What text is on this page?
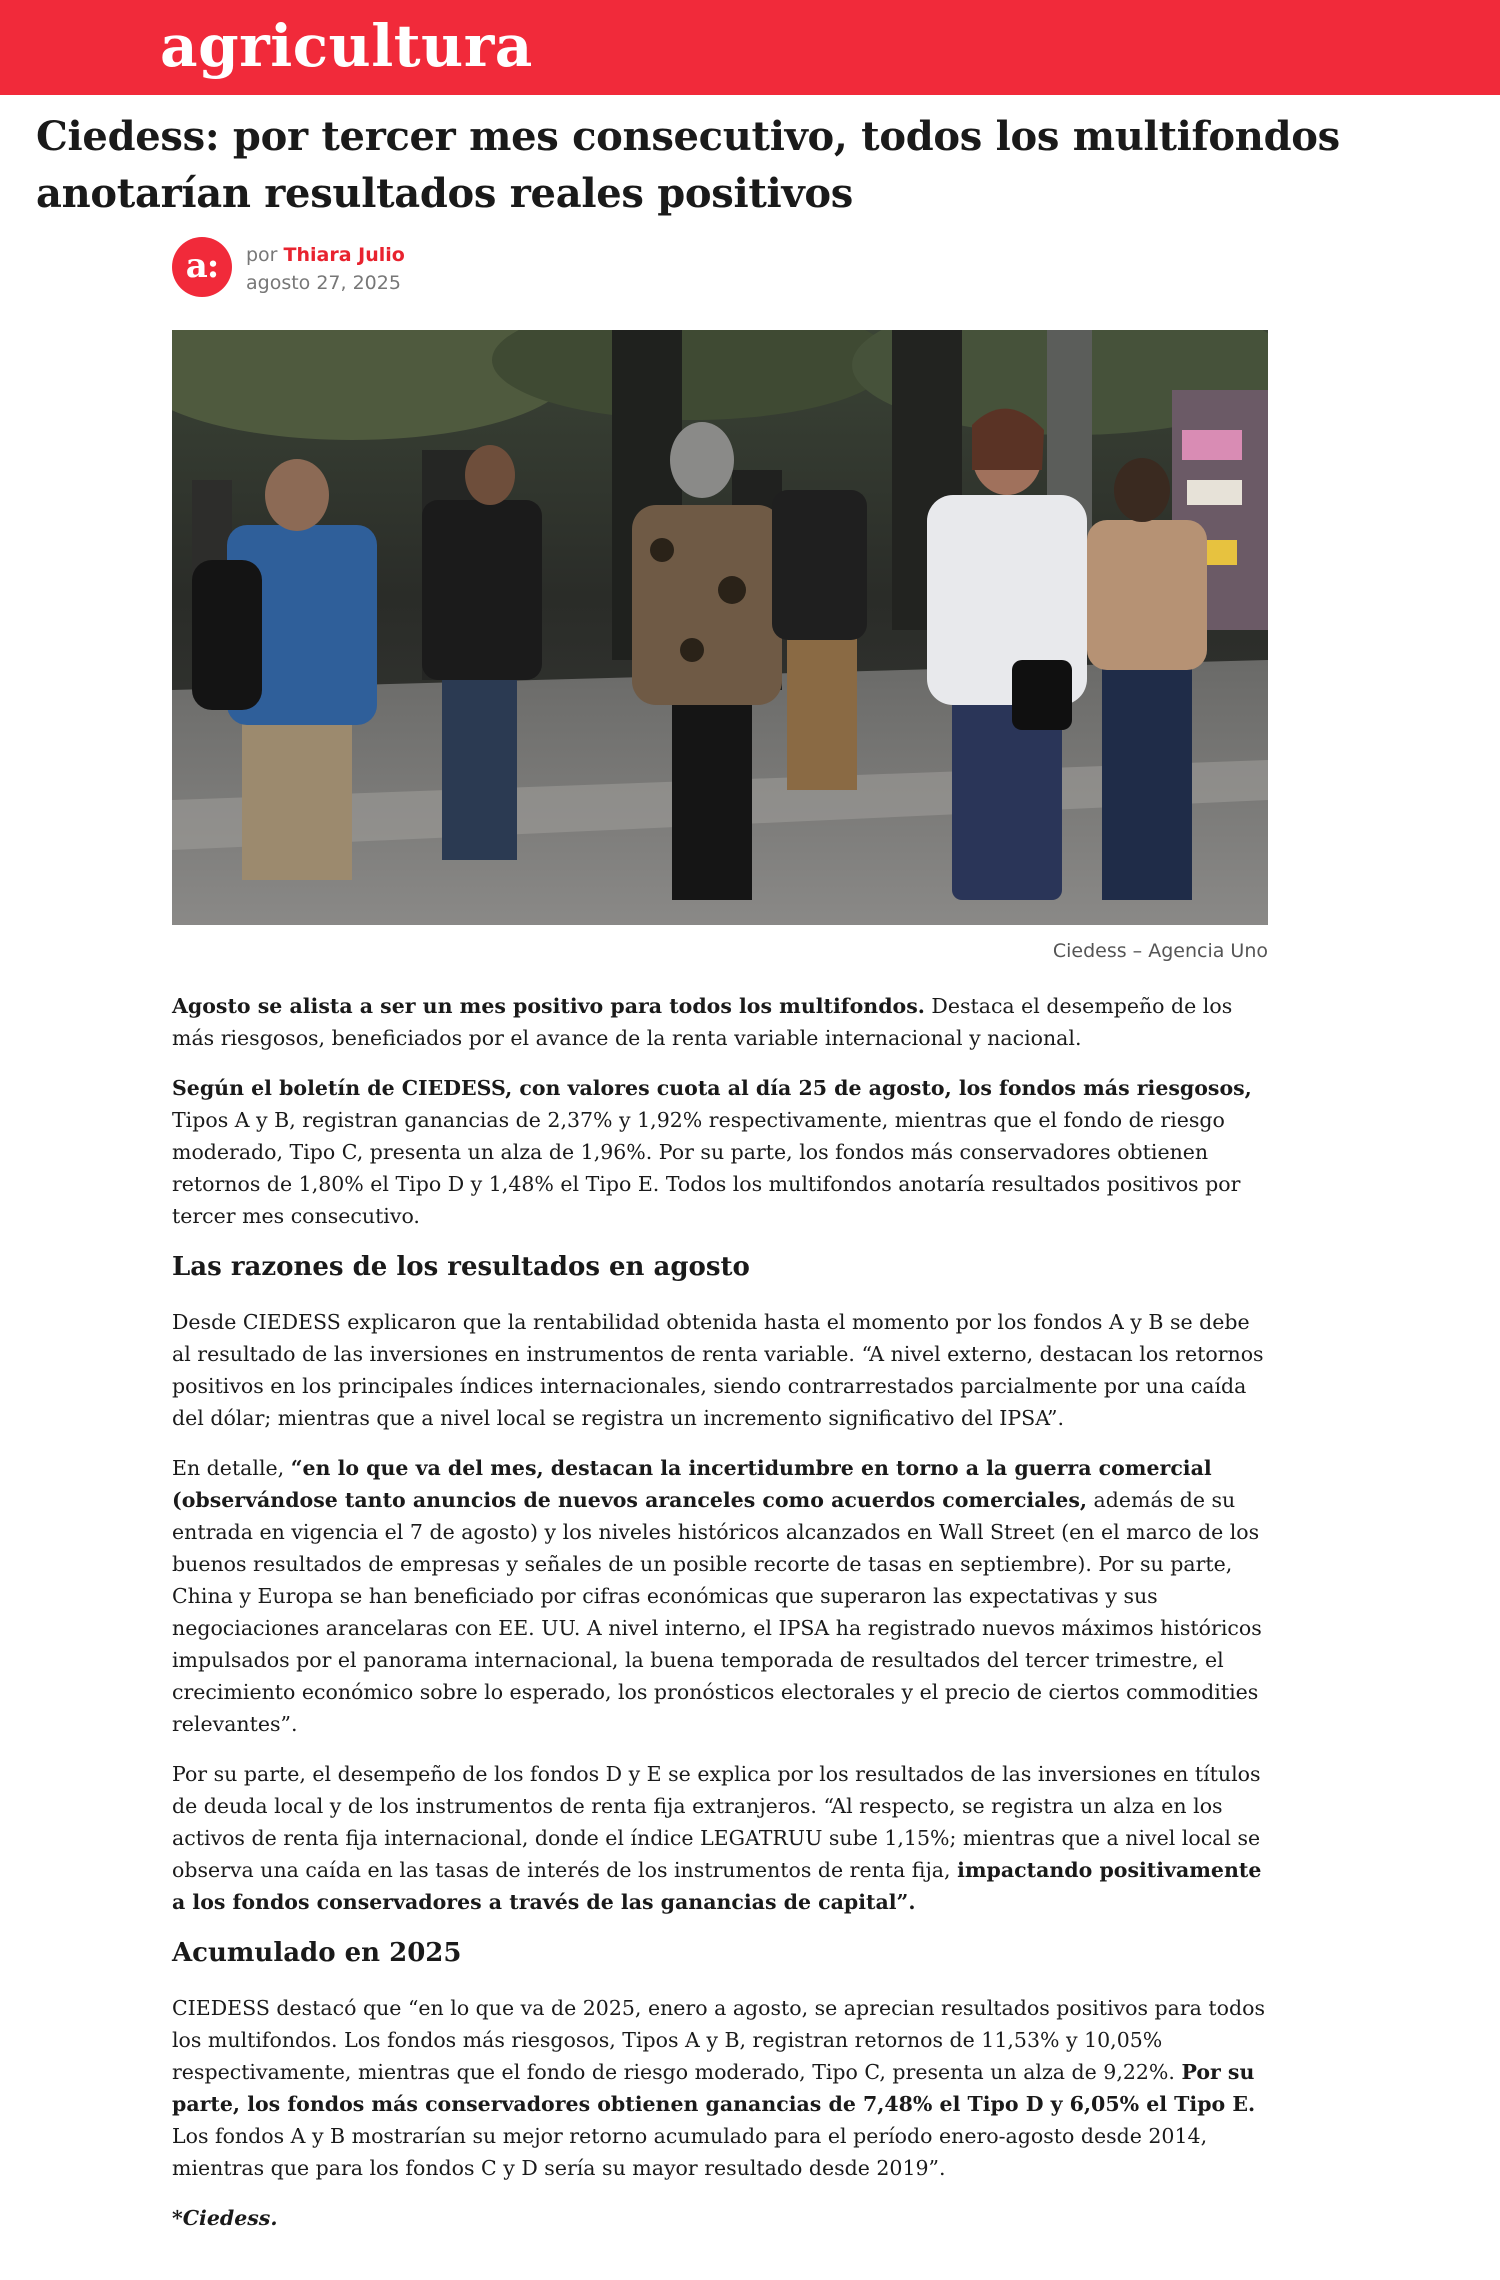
agricultura
Ciedess: por tercer mes consecutivo, todos los multifondos anotarían resultados reales positivos
a:	por Thiara Julio
agosto 27, 2025
Ciedess – Agencia Uno

Agosto se alista a ser un mes positivo para todos los multifondos. Destaca el desempeño de los más riesgosos, beneficiados por el avance de la renta variable internacional y nacional.

Según el boletín de CIEDESS, con valores cuota al día 25 de agosto, los fondos más riesgosos, Tipos A y B, registran ganancias de 2,37% y 1,92% respectivamente, mientras que el fondo de riesgo moderado, Tipo C, presenta un alza de 1,96%. Por su parte, los fondos más conservadores obtienen retornos de 1,80% el Tipo D y 1,48% el Tipo E. Todos los multifondos anotaría resultados positivos por tercer mes consecutivo.

Las razones de los resultados en agosto

Desde CIEDESS explicaron que la rentabilidad obtenida hasta el momento por los fondos A y B se debe al resultado de las inversiones en instrumentos de renta variable. “A nivel externo, destacan los retornos positivos en los principales índices internacionales, siendo contrarrestados parcialmente por una caída del dólar; mientras que a nivel local se registra un incremento significativo del IPSA”.

En detalle, “en lo que va del mes, destacan la incertidumbre en torno a la guerra comercial (observándose tanto anuncios de nuevos aranceles como acuerdos comerciales, además de su entrada en vigencia el 7 de agosto) y los niveles históricos alcanzados en Wall Street (en el marco de los buenos resultados de empresas y señales de un posible recorte de tasas en septiembre). Por su parte, China y Europa se han beneficiado por cifras económicas que superaron las expectativas y sus negociaciones arancelaras con EE. UU. A nivel interno, el IPSA ha registrado nuevos máximos históricos impulsados por el panorama internacional, la buena temporada de resultados del tercer trimestre, el crecimiento económico sobre lo esperado, los pronósticos electorales y el precio de ciertos commodities relevantes”.

Por su parte, el desempeño de los fondos D y E se explica por los resultados de las inversiones en títulos de deuda local y de los instrumentos de renta fija extranjeros. “Al respecto, se registra un alza en los activos de renta fija internacional, donde el índice LEGATRUU sube 1,15%; mientras que a nivel local se observa una caída en las tasas de interés de los instrumentos de renta fija, impactando positivamente a los fondos conservadores a través de las ganancias de capital”.

Acumulado en 2025

CIEDESS destacó que “en lo que va de 2025, enero a agosto, se aprecian resultados positivos para todos los multifondos. Los fondos más riesgosos, Tipos A y B, registran retornos de 11,53% y 10,05% respectivamente, mientras que el fondo de riesgo moderado, Tipo C, presenta un alza de 9,22%. Por su parte, los fondos más conservadores obtienen ganancias de 7,48% el Tipo D y 6,05% el Tipo E. Los fondos A y B mostrarían su mejor retorno acumulado para el período enero-agosto desde 2014, mientras que para los fondos C y D sería su mayor resultado desde 2019”.

*Ciedess.
